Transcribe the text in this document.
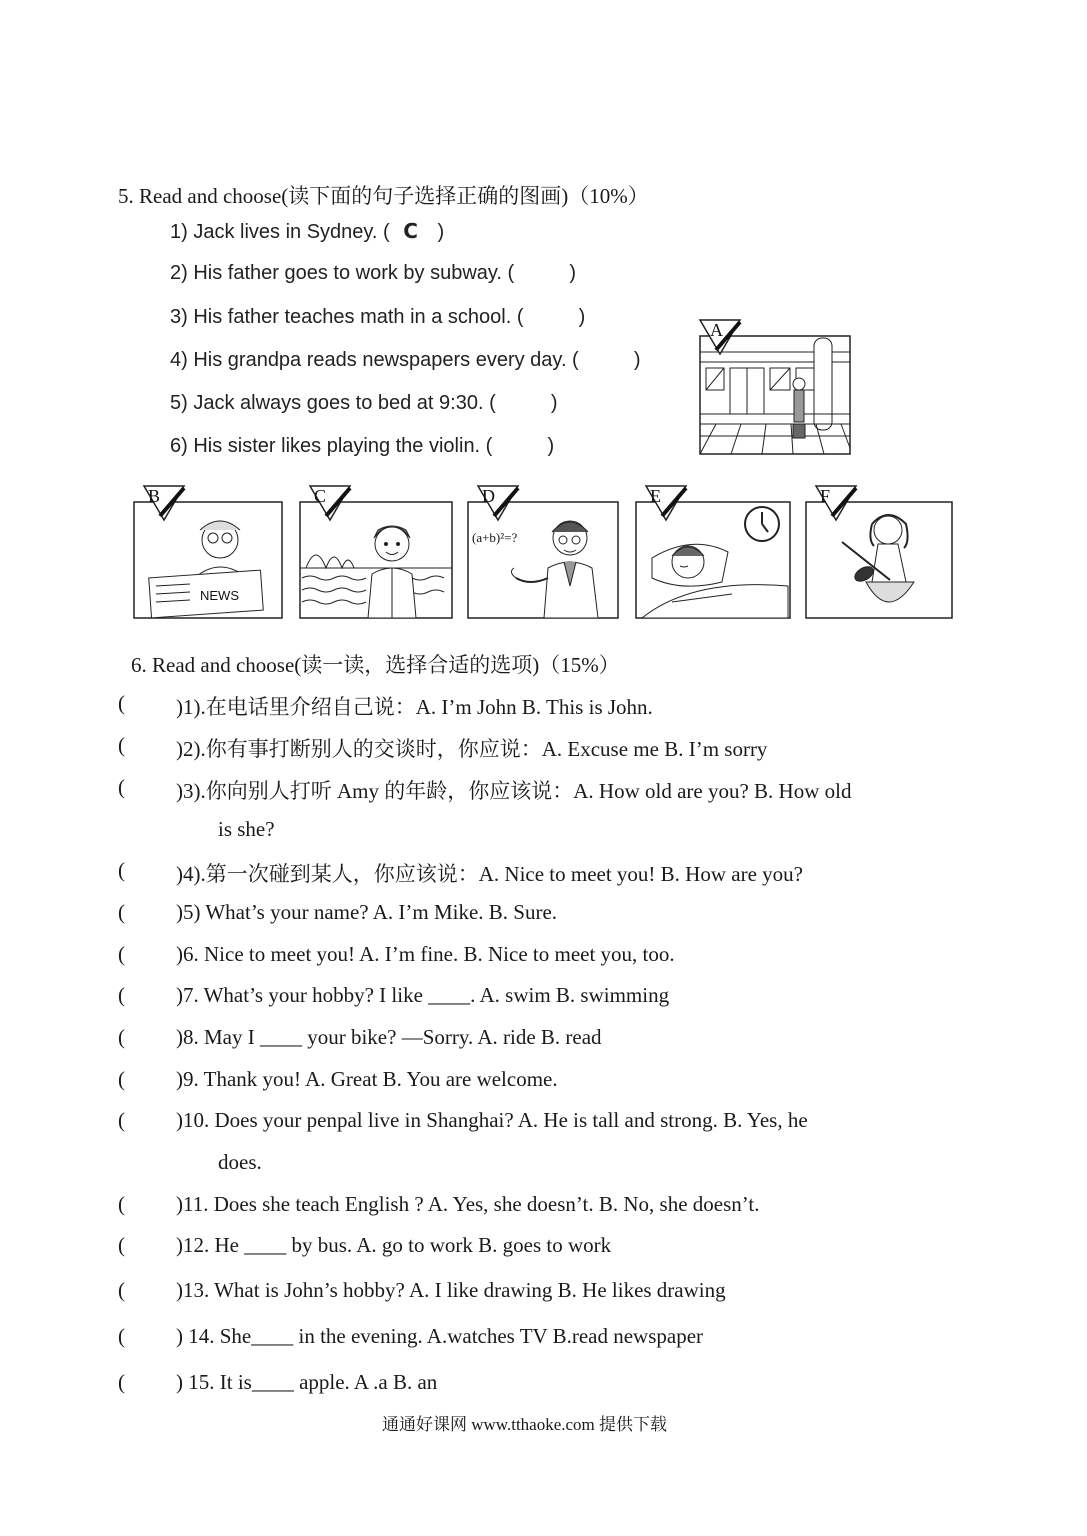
5. Read and choose(读下面的句子选择正确的图画)（10%）
1) Jack lives in Sydney. ( C )
2) His father goes to work by subway. (	)
3) His father teaches math in a school. (	)
4) His grandpa reads newspapers every day. (	)
5) Jack always goes to bed at 9:30. (	)
6) His sister likes playing the violin. (	)
A
NEWS
B	C
(a+b)²=?
D	E	F
6. Read and choose(读一读，选择合适的选项)（15%）
( )1).在电话里介绍自己说：A. I’m John B. This is John.
( )2).你有事打断别人的交谈时，你应说：A. Excuse me B. I’m sorry
( )3).你向别人打听 Amy 的年龄，你应该说：A. How old are you? B. How old
is she?
( )4).第一次碰到某人，你应该说：A. Nice to meet you! B. How are you?
( )5) What’s your name? A. I’m Mike. B. Sure.
( )6. Nice to meet you! A. I’m fine. B. Nice to meet you, too.
( )7. What’s your hobby? I like ____. A. swim B. swimming
( )8. May I ____ your bike? —Sorry. A. ride B. read
( )9. Thank you! A. Great B. You are welcome.
( )10. Does your penpal live in Shanghai? A. He is tall and strong. B. Yes, he
does.
( )11. Does she teach English ? A. Yes, she doesn’t. B. No, she doesn’t.
( )12. He ____ by bus. A. go to work B. goes to work
( )13. What is John’s hobby? A. I like drawing B. He likes drawing
( ) 14. She____ in the evening. A.watches TV B.read newspaper
( ) 15. It is____ apple. A .a B. an
通通好课网 www.tthaoke.com 提供下载
